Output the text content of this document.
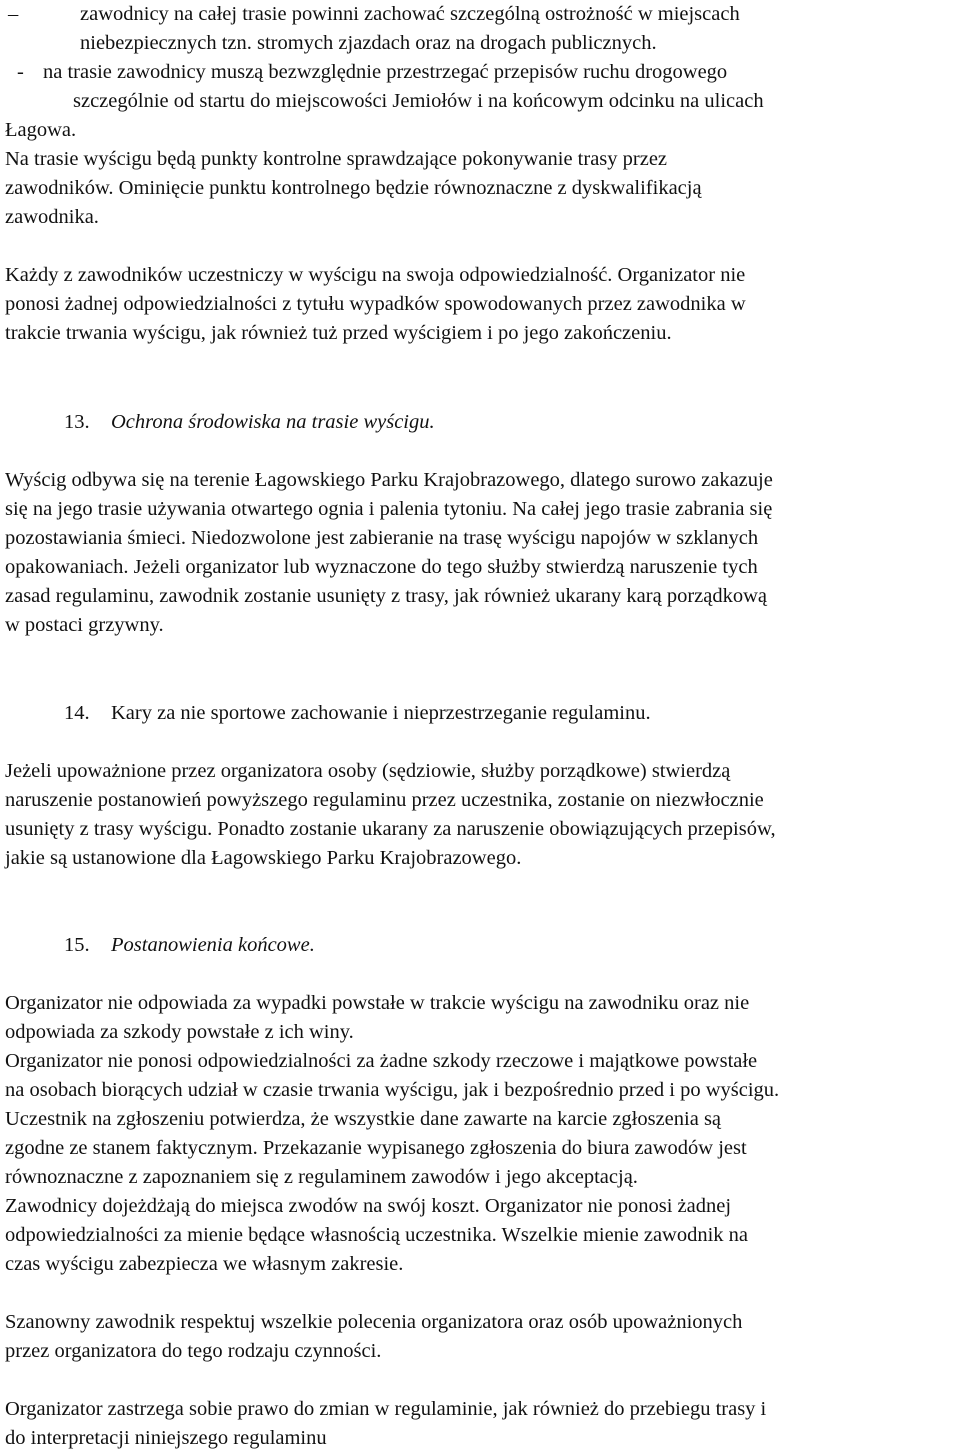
–	zawodnicy na całej trasie powinni zachować szczególną ostrożność w miejscach
niebezpiecznych tzn. stromych zjazdach oraz na drogach publicznych.
- na trasie zawodnicy muszą bezwzględnie przestrzegać przepisów ruchu drogowego
szczególnie od startu do miejscowości Jemiołów i na końcowym odcinku na ulicach
Łagowa.
Na trasie wyścigu będą punkty kontrolne sprawdzające pokonywanie trasy przez
zawodników. Ominięcie punktu kontrolnego będzie równoznaczne z dyskwalifikacją
zawodnika.
Każdy z zawodników uczestniczy w wyścigu na swoja odpowiedzialność. Organizator nie
ponosi żadnej odpowiedzialności z tytułu wypadków spowodowanych przez zawodnika w
trakcie trwania wyścigu, jak również tuż przed wyścigiem i po jego zakończeniu.
13. Ochrona środowiska na trasie wyścigu.
Wyścig odbywa się na terenie Łagowskiego Parku Krajobrazowego, dlatego surowo zakazuje
się na jego trasie używania otwartego ognia i palenia tytoniu. Na całej jego trasie zabrania się
pozostawiania śmieci. Niedozwolone jest zabieranie na trasę wyścigu napojów w szklanych
opakowaniach. Jeżeli organizator lub wyznaczone do tego służby stwierdzą naruszenie tych
zasad regulaminu, zawodnik zostanie usunięty z trasy, jak również ukarany karą porządkową
w postaci grzywny.
14. Kary za nie sportowe zachowanie i nieprzestrzeganie regulaminu.
Jeżeli upoważnione przez organizatora osoby (sędziowie, służby porządkowe) stwierdzą
naruszenie postanowień powyższego regulaminu przez uczestnika, zostanie on niezwłocznie
usunięty z trasy wyścigu. Ponadto zostanie ukarany za naruszenie obowiązujących przepisów,
jakie są ustanowione dla Łagowskiego Parku Krajobrazowego.
15. Postanowienia końcowe.
Organizator nie odpowiada za wypadki powstałe w trakcie wyścigu na zawodniku oraz nie
odpowiada za szkody powstałe z ich winy.
Organizator nie ponosi odpowiedzialności za żadne szkody rzeczowe i majątkowe powstałe
na osobach biorących udział w czasie trwania wyścigu, jak i bezpośrednio przed i po wyścigu.
Uczestnik na zgłoszeniu potwierdza, że wszystkie dane zawarte na karcie zgłoszenia są
zgodne ze stanem faktycznym. Przekazanie wypisanego zgłoszenia do biura zawodów jest
równoznaczne z zapoznaniem się z regulaminem zawodów i jego akceptacją.
Zawodnicy dojeżdżają do miejsca zwodów na swój koszt. Organizator nie ponosi żadnej
odpowiedzialności za mienie będące własnością uczestnika. Wszelkie mienie zawodnik na
czas wyścigu zabezpiecza we własnym zakresie.
Szanowny zawodnik respektuj wszelkie polecenia organizatora oraz osób upoważnionych
przez organizatora do tego rodzaju czynności.
Organizator zastrzega sobie prawo do zmian w regulaminie, jak również do przebiegu trasy i
do interpretacji niniejszego regulaminu
